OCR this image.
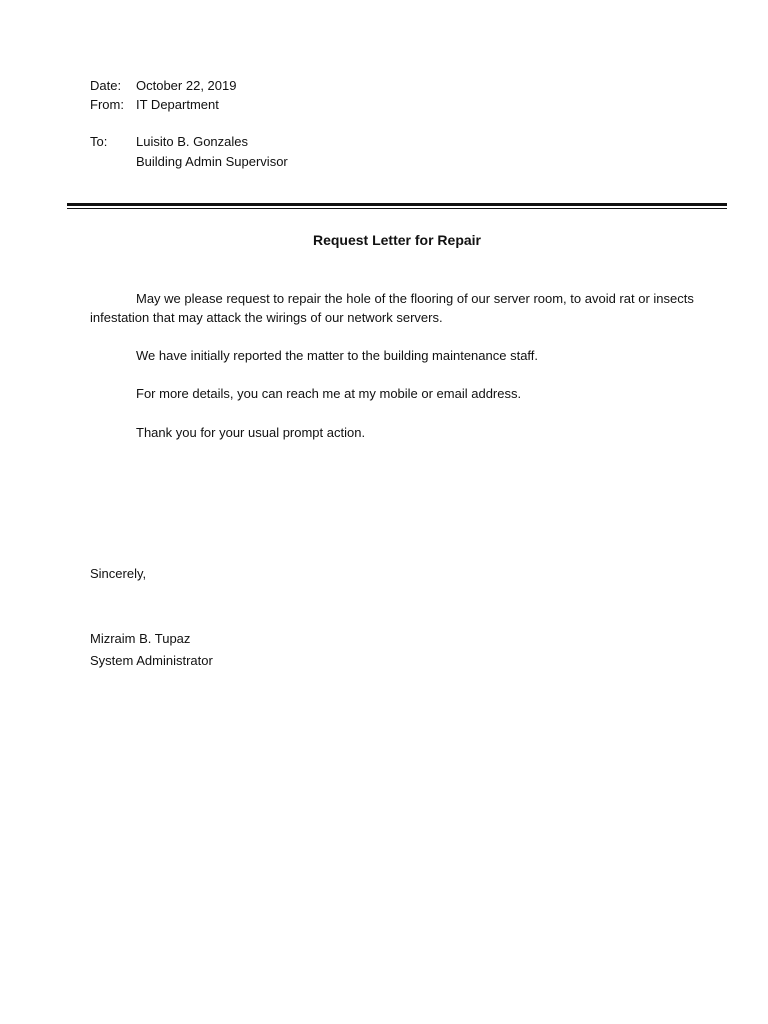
Date: October 22, 2019
From: IT Department
To: Luisito B. Gonzales
Building Admin Supervisor
Request Letter for Repair

May we please request to repair the hole of the flooring of our server room, to avoid rat or insects infestation that may attack the wirings of our network servers.

We have initially reported the matter to the building maintenance staff.

For more details, you can reach me at my mobile or email address.

Thank you for your usual prompt action.

Sincerely,
Mizraim B. Tupaz
System Administrator
